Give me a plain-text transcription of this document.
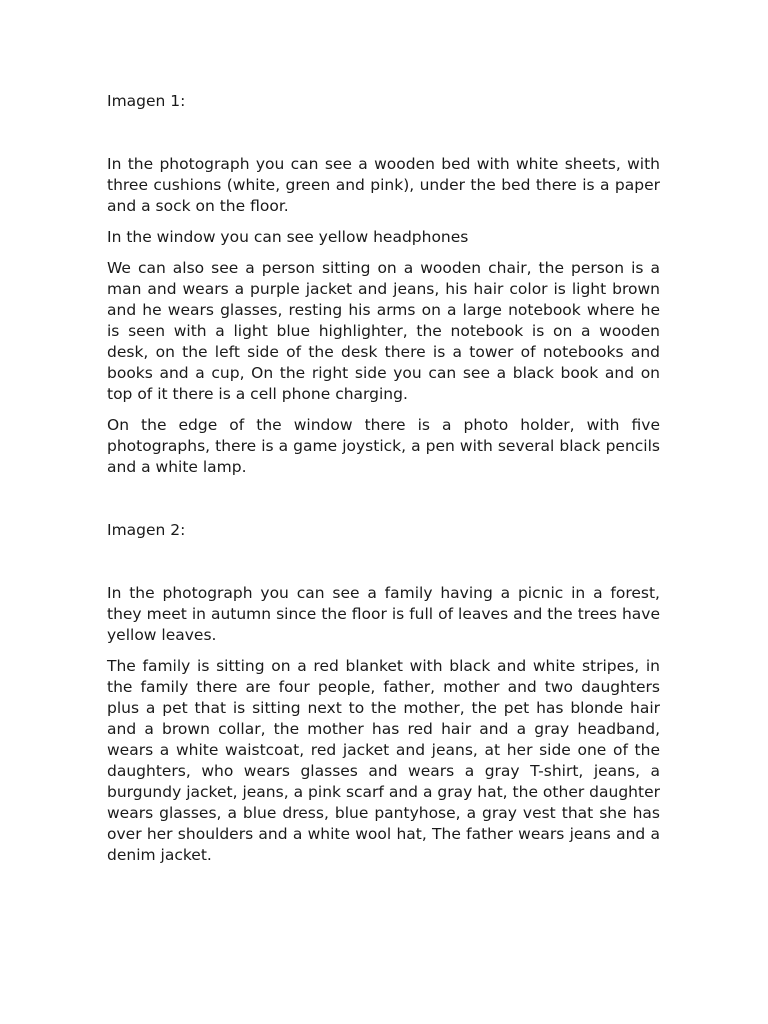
Imagen 1:

In the photograph you can see a wooden bed with white sheets, with three cushions (white, green and pink), under the bed there is a paper and a sock on the floor.

In the window you can see yellow headphones

We can also see a person sitting on a wooden chair, the person is a man and wears a purple jacket and jeans, his hair color is light brown and he wears glasses, resting his arms on a large notebook where he is seen with a light blue highlighter, the notebook is on a wooden desk, on the left side of the desk there is a tower of notebooks and books and a cup, On the right side you can see a black book and on top of it there is a cell phone charging.

On the edge of the window there is a photo holder, with five photographs, there is a game joystick, a pen with several black pencils and a white lamp.

Imagen 2:

In the photograph you can see a family having a picnic in a forest, they meet in autumn since the floor is full of leaves and the trees have yellow leaves.

The family is sitting on a red blanket with black and white stripes, in the family there are four people, father, mother and two daughters plus a pet that is sitting next to the mother, the pet has blonde hair and a brown collar, the mother has red hair and a gray headband, wears a white waistcoat, red jacket and jeans, at her side one of the daughters, who wears glasses and wears a gray T-shirt, jeans, a burgundy jacket, jeans, a pink scarf and a gray hat, the other daughter wears glasses, a blue dress, blue pantyhose, a gray vest that she has over her shoulders and a white wool hat, The father wears jeans and a denim jacket.
